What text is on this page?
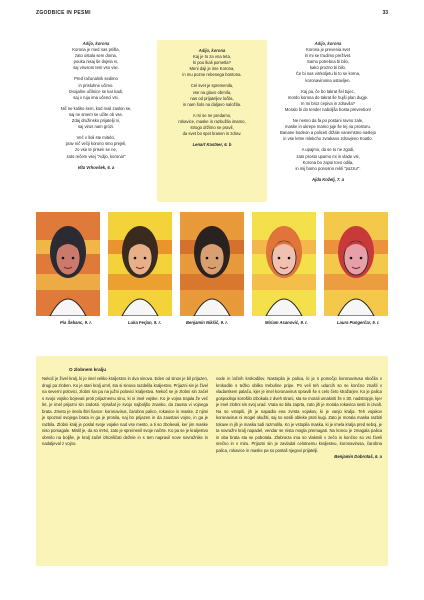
ZGODBICE IN PESMI	33
Adijo, korona
Korona je med nas prišla,
zato ostala sem doma,
pouka nisaj še dojela ni,
saj virusom tem vso vse.
Pred računalnik sedimo
in prisluhne učimo.
Izvajalne učilnice se kar kadi,
saj v ruju ima učenci vsi.
Nič ne koliko sem, kod mali zaslon se,
saj ne smem se učite ob vse.
Zdaj družinsko prijatelji ni,
saj virus nam grozi.
Več v šoli ste mitelci,
prav nič večji korono smo prejeli,
zo vse te prisen se ne,
zato rečem vsej "Adijo, korona!"
Vita Vrhovšek, 6. a
Adijo, korona
Kaj je to za vna teta,
ki pou lkali pometla?
Meni daji je ime Korona,
in mu pozne rebenega bontona.
Cel svet je spremenila,
vse na glavo obrnila,
nas od prijateljev ločila,
in nam šolo na daljavo naložila.
A mi se ne predamo,
rokavice, maske in razkužila imamo,
strogo držimo se pravil,
da svet bo spet krasen in zdrav.
Lenart Kastner, 6. b
Adijo, korona
Korona je prevenia svet
in mi se trudimo preživet.
Samo potrebna bi bilo,
kako prozno bi bilo.
Če bi nas virrkoljetu bi to se korna,
koronavirusna ustavljen.
Kaj pa, če bo takrat šel tujec,
mordo korona do takrat še hujši plan dugje.
In mi broz cepiva in zdravila?
Moralo bi do tender naboljša bosta prevention!
Ne nesno da fa po postani ravno zale,
maske in ukrepe mamo juje še tej na prostoru.
Banane bodeon a policeti držale vanemstno naslejo
in vse letne mlekcho zvrakano zdravjeno Koatlo.
A upajmo, da se to ne zgodi,
zato prosto upamo mi in vlade vsi,
Korona bo zapoi tovo odila,
in mij bomo ponosno rekli "pozzu!".
Ajda Koželj, 7. a
Pia Šebanc, 9. r.	Luka Ferjan, 9. r.	Benjamin Nikšič, 9. r.	Miriam Asanović, 9. r.	Laura Pungerčar, 9. r.
O zlobnem kralju
Nekoč je živel kralj, ki je imel veliko kraljestvo in dva sinova. Eden od sinov je bil prijazen, drugi pa zloben. Ko je stari kralj umrl, sta si sinova razdelila kraljestvo. Prijazni sin je živel na severni polovici, zlobni sin pa na južni polovici kraljestva. Nekoč se je zlobni sin začel s svojo vojsko bojevati proti prijaznemu sinu, ki ni imel vojske. Ko je vojna trajala že več let, je imel prijazni sin zadosti. Vprašal je svojo najboljšo znanko, da zausta vi vojnega brata. Zmeto je imela štiri fiance: koronavirus, čarobno palico, rokavice in maske. Z njimi je spoznal svojega brata in ga je prosila, naj bo prijazen in da zaustavi vojno, in ga je razbila. Zlobni kralj je poslal svoje vojake nad vse mesto, a ti so zbolevali, ker jim maske niso pomagale. Mislil je, da so mrtvi, zato je spremenil svoje načrte. Ko pa se je kraljestvo obrnilo na boljše, je kralj začel izkoriščati dežele in s tem napravil nove sovražnike in nadaljeval z vojno.
vode in lačnih krokodilov. Nastopila je palica, ki je s pomočjo koronavirusa skočila v krokodile s težko obliko trebušne pripe. Po veli teh udarcih so se končno znašli v vladarskem palaču, kjer je imel koronavirus opravili še s celo četo stražarjev. Ko je palica gospodinja korošilo izbokala z dveh strani, sta se morali umakniti že v 30. nadstropje, kjer je imel zlobni sin svoj urad. Vrata so bila zaprta, zato jih je morala rokavica sesti in izvalt. Na so vstopili, jih je napadla ena zvrsta vojakov, ki je vanjo kralja. Teh vojakov koronavirus ni mogel okužiti, saj so nosili obleke proti kugi. Zato je morala maska razbiti tokave in jih je maska tudi razmolila. Ko je vstopila maska, ki je imela kralja pred seboj, je ta sovražni kralj napadel, vendar se nista mogla premagati. Na koncu je zmagala palica in oba brata sta se pobotala. Zlobneza ima so vlakmili v zečo in končno so vsi živeli srečno in v miru. Prijazni sin je zavladal celotnemu kraljestvu, koronavirusa, čarobna palica, rokavice in maske pa so postali njegovi prijatelji.
Benjamin Dobrotaš, 6. a
